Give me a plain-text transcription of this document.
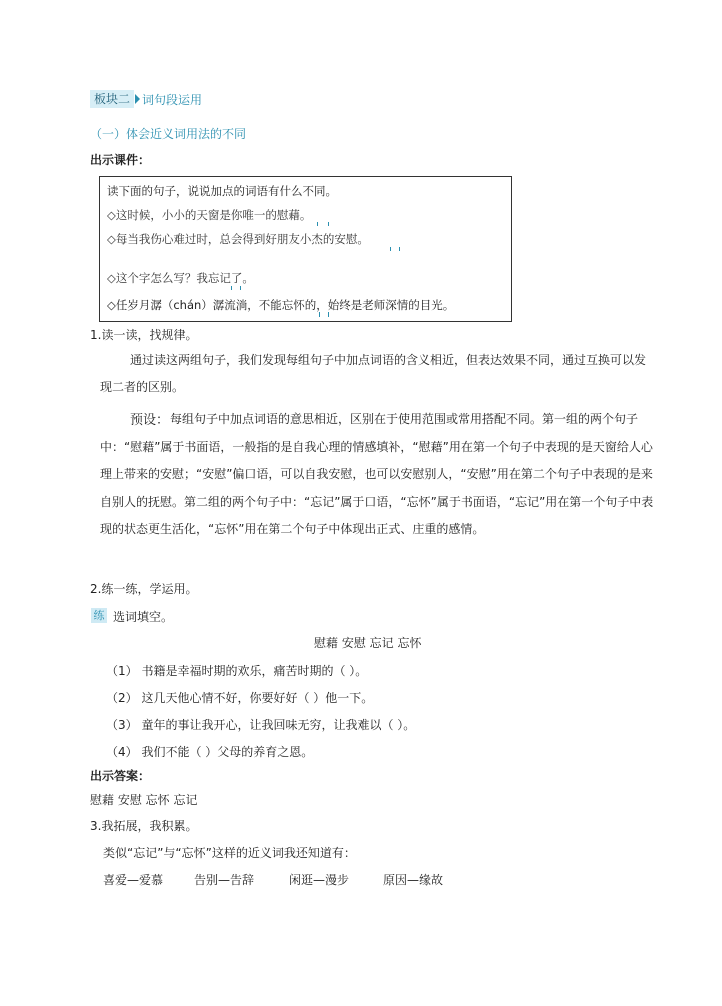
板块二	词句段运用
（一）体会近义词用法的不同
出示课件：
读下面的句子，说说加点的词语有什么不同。
◇这时候，小小的天窗是你唯一的慰藉。
◇每当我伤心难过时，总会得到好朋友小杰的安慰。
◇这个字怎么写？我忘记了。
◇任岁月潺（chán）潺流淌，不能忘怀的，始终是老师深情的目光。
1.读一读，找规律。
通过读这两组句子，我们发现每组句子中加点词语的含义相近，但表达效果不同，通过互换可以发现二者的区别。
预设： 每组句子中加点词语的意思相近，区别在于使用范围或常用搭配不同。第一组的两个句子中：“慰藉”属于书面语，一般指的是自我心理的情感填补，“慰藉”用在第一个句子中表现的是天窗给人心理上带来的安慰；“安慰”偏口语，可以自我安慰，也可以安慰别人，“安慰”用在第二个句子中表现的是来自别人的抚慰。第二组的两个句子中：“忘记”属于口语，“忘怀”属于书面语，“忘记”用在第一个句子中表现的状态更生活化，“忘怀”用在第二个句子中体现出正式、庄重的感情。
2.练一练，学运用。
练 选词填空。
慰藉 安慰 忘记 忘怀
（1） 书籍是幸福时期的欢乐，痛苦时期的（ ）。
（2） 这几天他心情不好，你要好好（ ）他一下。
（3） 童年的事让我开心，让我回味无穷，让我难以（ ）。
（4） 我们不能（ ）父母的养育之恩。
出示答案：
慰藉 安慰 忘怀 忘记
3.我拓展，我积累。
类似“忘记”与“忘怀”这样的近义词我还知道有：
喜爱—爱慕	告别—告辞	闲逛—漫步	原因—缘故
